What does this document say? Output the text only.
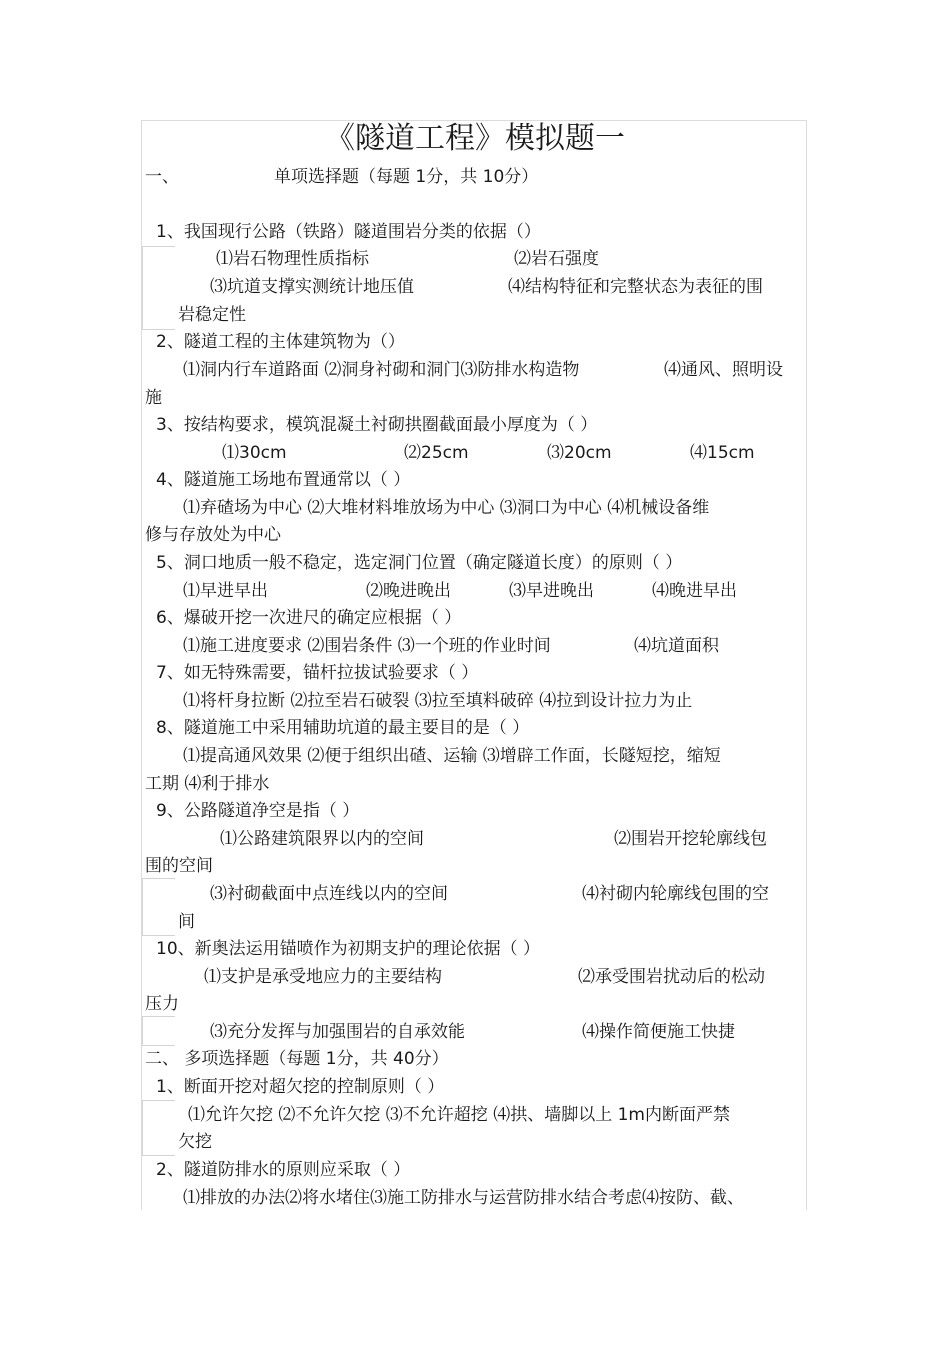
《隧道工程》模拟题一
一、	单项选择题（每题 1分，共 10分）
1、我国现行公路（铁路）隧道围岩分类的依据（）
⑴岩石物理性质指标	⑵岩石强度
⑶坑道支撑实测统计地压值	⑷结构特征和完整状态为表征的围
岩稳定性
2、隧道工程的主体建筑物为（）
⑴洞内行车道路面 ⑵洞身衬砌和洞门⑶防排水构造物	⑷通风、照明设
施
3、按结构要求，模筑混凝土衬砌拱圈截面最小厚度为（ ）
⑴30cm	⑵25cm	⑶20cm	⑷15cm
4、隧道施工场地布置通常以（ ）
⑴弃碴场为中心 ⑵大堆材料堆放场为中心 ⑶洞口为中心 ⑷机械设备维
修与存放处为中心
5、洞口地质一般不稳定，选定洞门位置（确定隧道长度）的原则（ ）
⑴早进早出	⑵晚进晚出	⑶早进晚出	⑷晚进早出
6、爆破开挖一次进尺的确定应根据（ ）
⑴施工进度要求 ⑵围岩条件 ⑶一个班的作业时间	⑷坑道面积
7、如无特殊需要，锚杆拉拔试验要求（ ）
⑴将杆身拉断 ⑵拉至岩石破裂 ⑶拉至填料破碎 ⑷拉到设计拉力为止
8、隧道施工中采用辅助坑道的最主要目的是（ ）
⑴提高通风效果 ⑵便于组织出碴、运输 ⑶增辟工作面，长隧短挖，缩短
工期 ⑷利于排水
9、公路隧道净空是指（ ）
⑴公路建筑限界以内的空间	⑵围岩开挖轮廓线包
围的空间
⑶衬砌截面中点连线以内的空间	⑷衬砌内轮廓线包围的空
间
10、新奥法运用锚喷作为初期支护的理论依据（ ）
⑴支护是承受地应力的主要结构	⑵承受围岩扰动后的松动
压力
⑶充分发挥与加强围岩的自承效能	⑷操作简便施工快捷
二、 多项选择题（每题 1分，共 40分）
1、断面开挖对超欠挖的控制原则（ ）
⑴允许欠挖 ⑵不允许欠挖 ⑶不允许超挖 ⑷拱、墙脚以上 1m内断面严禁
欠挖
2、隧道防排水的原则应采取（ ）
⑴排放的办法⑵将水堵住⑶施工防排水与运营防排水结合考虑⑷按防、截、
